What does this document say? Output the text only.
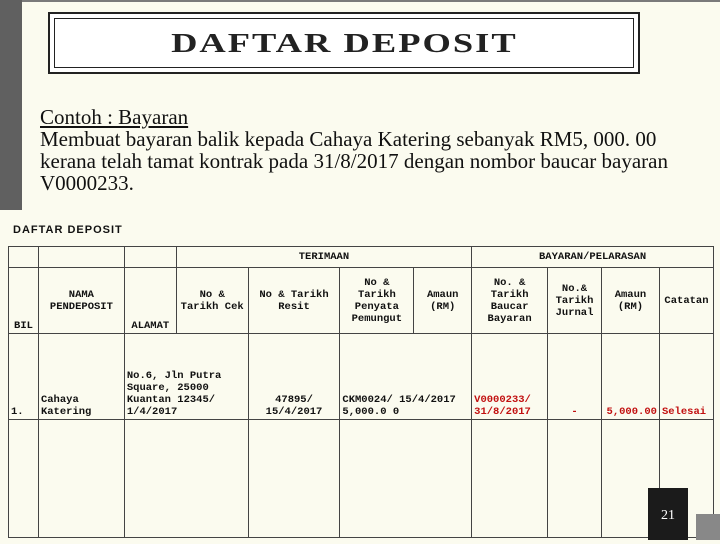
DAFTAR DEPOSIT
Contoh : Bayaran
Membuat bayaran balik kepada Cahaya Katering sebanyak RM5, 000. 00 kerana telah tamat kontrak pada 31/8/2017 dengan nombor baucar bayaran V0000233.
DAFTAR DEPOSIT
			TERIMAAN				BAYARAN/PELARASAN			
BIL	NAMA PENDEPOSIT	ALAMAT	No & Tarikh Cek	No & Tarikh Resit	No & Tarikh Penyata Pemungut	Amaun (RM)	No. & Tarikh Baucar Bayaran	No.& Tarikh Jurnal	Amaun (RM)	Catatan
1.	Cahaya Katering	No.6, Jln Putra Square, 25000 Kuantan 12345/ 1/4/2017		47895/ 15/4/2017	CKM0024/ 15/4/2017 5,000.0 0		V0000233/ 31/8/2017	-	5,000.00	Selesai

21
